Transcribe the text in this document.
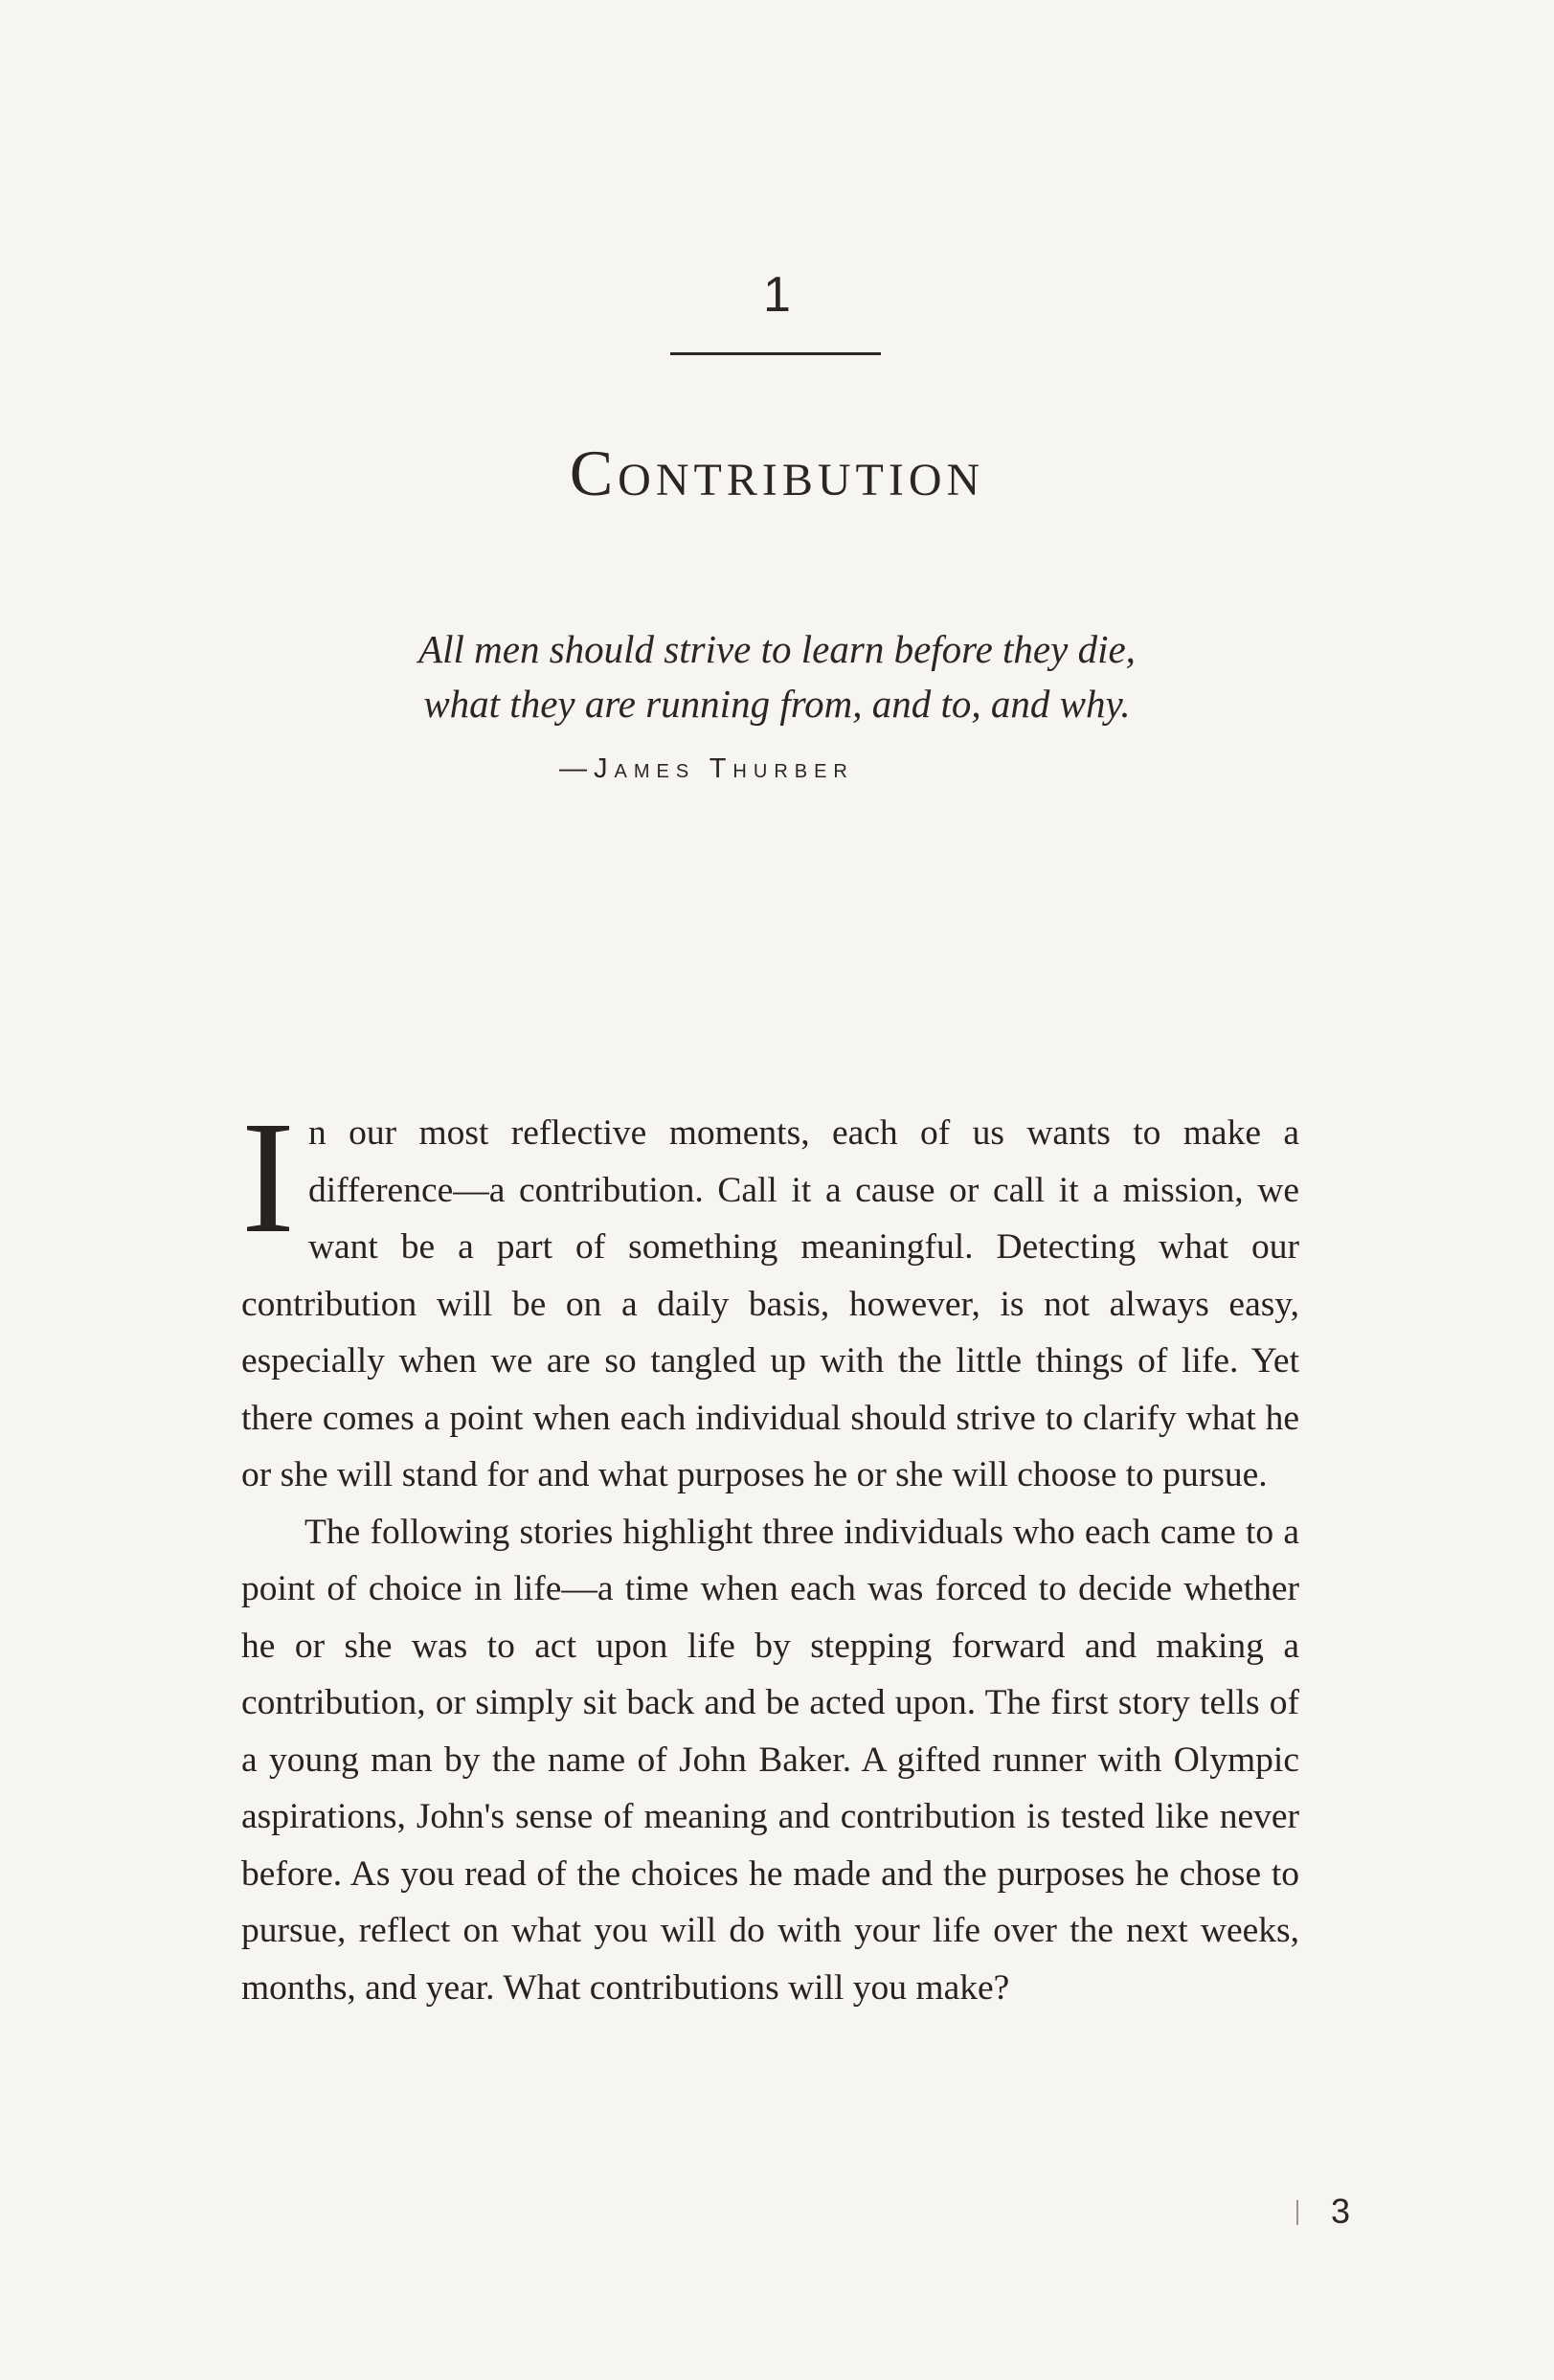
1
Contribution
All men should strive to learn before they die,
what they are running from, and to, and why.
—James Thurber

In our most reflective moments, each of us wants to make a difference—a contribution. Call it a cause or call it a mission, we want be a part of something meaningful. Detecting what our contribution will be on a daily basis, however, is not always easy, especially when we are so tangled up with the little things of life. Yet there comes a point when each individual should strive to clarify what he or she will stand for and what purposes he or she will choose to pursue.

The following stories highlight three individuals who each came to a point of choice in life—a time when each was forced to decide whether he or she was to act upon life by stepping forward and making a contribution, or simply sit back and be acted upon. The first story tells of a young man by the name of John Baker. A gifted runner with Olympic aspirations, John's sense of meaning and contribution is tested like never before. As you read of the choices he made and the purposes he chose to pursue, reflect on what you will do with your life over the next weeks, months, and year. What contributions will you make?

3
